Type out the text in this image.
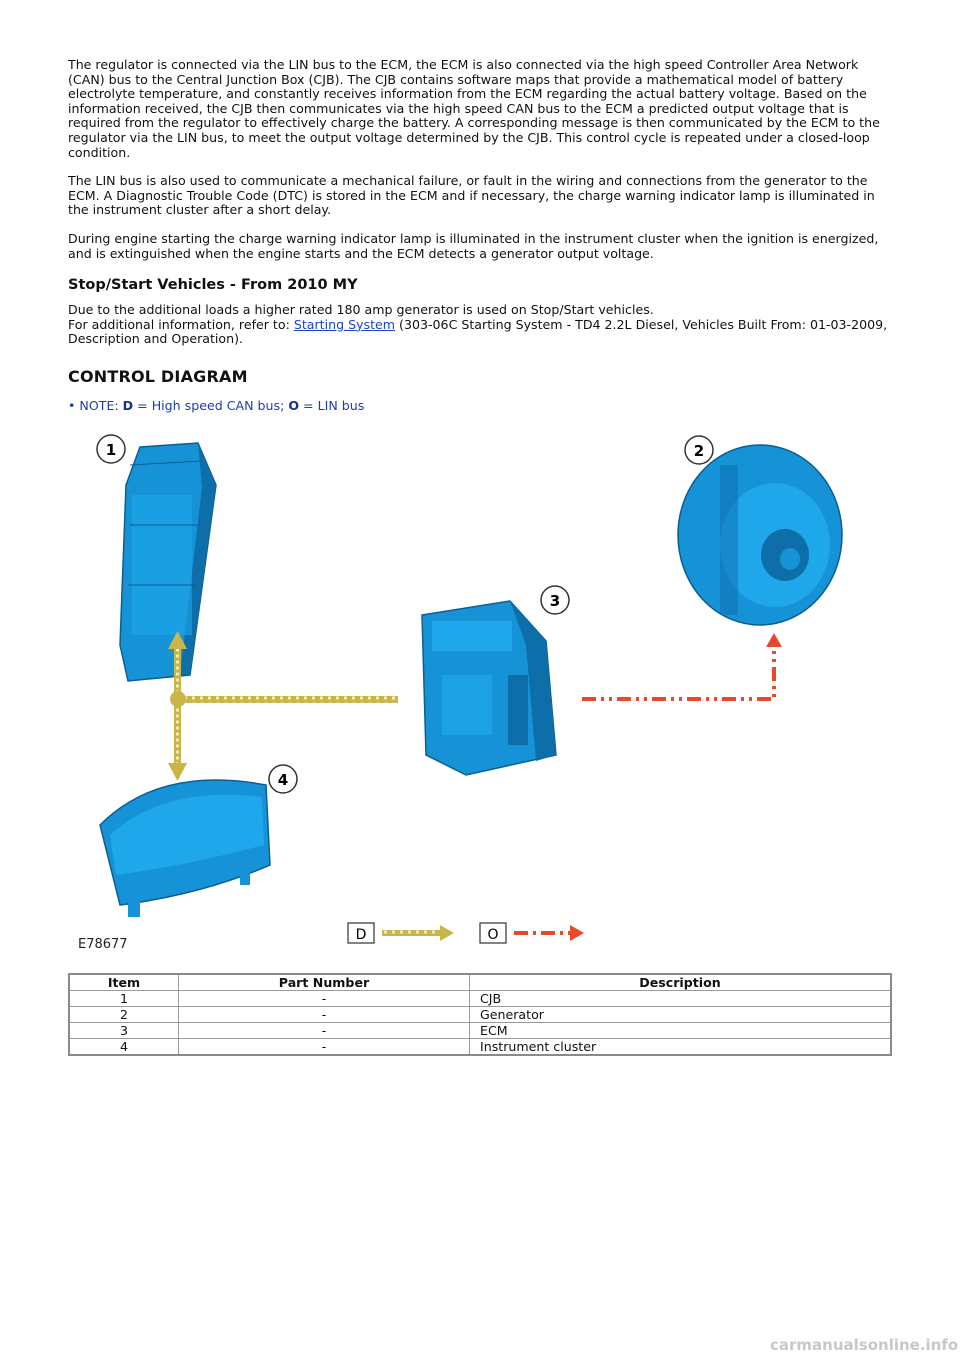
The regulator is connected via the LIN bus to the ECM, the ECM is also connected via the high speed Controller Area Network (CAN) bus to the Central Junction Box (CJB). The CJB contains software maps that provide a mathematical model of battery electrolyte temperature, and constantly receives information from the ECM regarding the actual battery voltage. Based on the information received, the CJB then communicates via the high speed CAN bus to the ECM a predicted output voltage that is required from the regulator to effectively charge the battery. A corresponding message is then communicated by the ECM to the regulator via the LIN bus, to meet the output voltage determined by the CJB. This control cycle is repeated under a closed-loop condition.

The LIN bus is also used to communicate a mechanical failure, or fault in the wiring and connections from the generator to the ECM. A Diagnostic Trouble Code (DTC) is stored in the ECM and if necessary, the charge warning indicator lamp is illuminated in the instrument cluster after a short delay.

During engine starting the charge warning indicator lamp is illuminated in the instrument cluster when the ignition is energized, and is extinguished when the engine starts and the ECM detects a generator output voltage.

Stop/Start Vehicles - From 2010 MY

Due to the additional loads a higher rated 180 amp generator is used on Stop/Start vehicles.
For additional information, refer to: Starting System (303-06C Starting System - TD4 2.2L Diesel, Vehicles Built From: 01-03-2009, Description and Operation).

CONTROL DIAGRAM
• NOTE: D = High speed CAN bus; O = LIN bus
1	2
3
4
D	O
E78677
Item	Part Number	Description
1	-	CJB
2	-	Generator
3	-	ECM
4	-	Instrument cluster
carmanualsonline.info
